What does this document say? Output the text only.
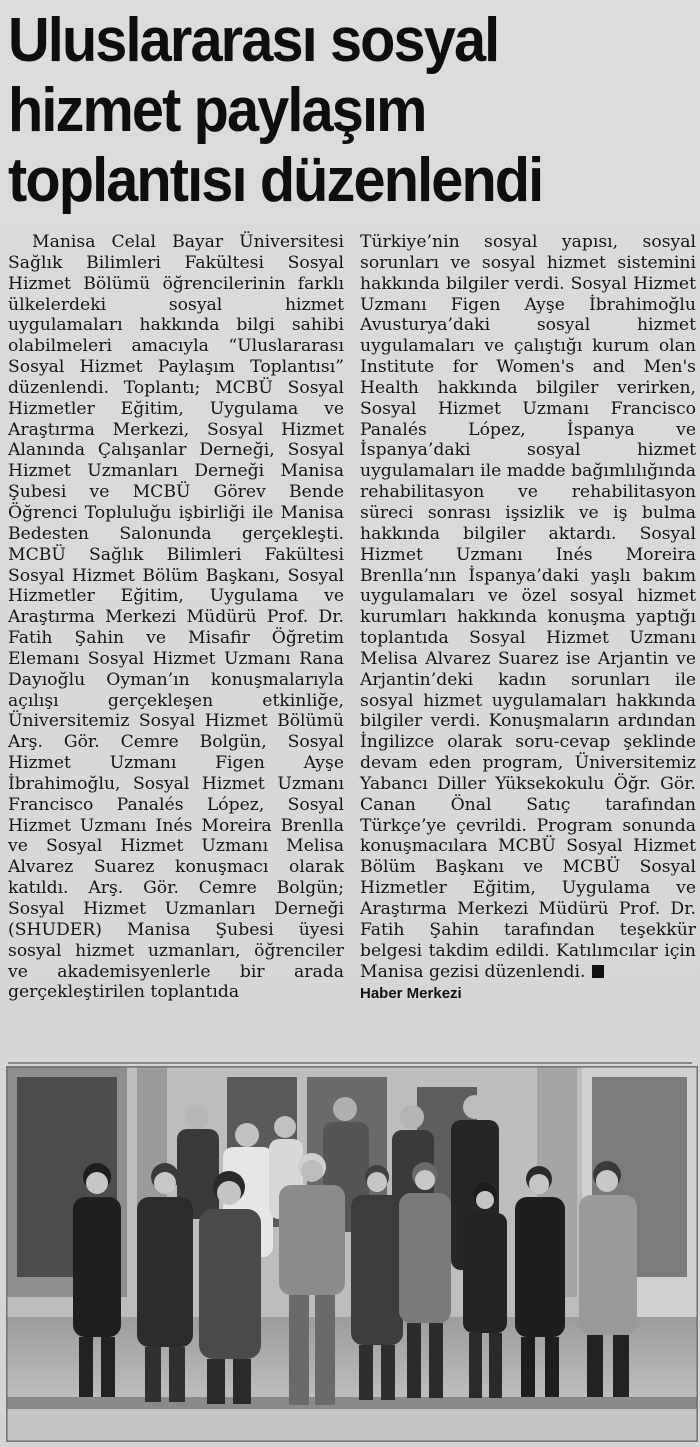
Uluslararası sosyal
hizmet paylaşım
toplantısı düzenlendi

Manisa Celal Bayar Üniversitesi Sağlık Bilimleri Fakültesi Sosyal Hizmet Bölümü öğrencilerinin farklı ülkelerdeki sosyal hizmet uygulamaları hakkında bilgi sahibi olabilmeleri amacıyla “Uluslararası Sosyal Hizmet Paylaşım Toplantısı” düzenlendi. Toplantı; MCBÜ Sosyal Hizmetler Eğitim, Uygulama ve Araştırma Merkezi, Sosyal Hizmet Alanında Çalışanlar Derneği, Sosyal Hizmet Uzmanları Derneği Manisa Şubesi ve MCBÜ Görev Bende Öğrenci Topluluğu işbirliği ile Manisa Bedesten Salonunda gerçekleşti. MCBÜ Sağlık Bilimleri Fakültesi Sosyal Hizmet Bölüm Başkanı, Sosyal Hizmetler Eğitim, Uygulama ve Araştırma Merkezi Müdürü Prof. Dr. Fatih Şahin ve Misafir Öğretim Elemanı Sosyal Hizmet Uzmanı Rana Dayıoğlu Oyman’ın konuşmalarıyla açılışı gerçekleşen etkinliğe, Üniversitemiz Sosyal Hizmet Bölümü Arş. Gör. Cemre Bolgün, Sosyal Hizmet Uzmanı Figen Ayşe İbrahimoğlu, Sosyal Hizmet Uzmanı Francisco Panalés López, Sosyal Hizmet Uzmanı Inés Moreira Brenlla ve Sosyal Hizmet Uzmanı Melisa Alvarez Suarez konuşmacı olarak katıldı. Arş. Gör. Cemre Bolgün; Sosyal Hizmet Uzmanları Derneği (SHUDER) Manisa Şubesi üyesi sosyal hizmet uzmanları, öğrenciler ve akademisyenlerle bir arada gerçekleştirilen toplantıda

Türkiye’nin sosyal yapısı, sosyal sorunları ve sosyal hizmet sistemini hakkında bilgiler verdi. Sosyal Hizmet Uzmanı Figen Ayşe İbrahimoğlu Avusturya’daki sosyal hizmet uygulamaları ve çalıştığı kurum olan Institute for Women's and Men's Health hakkında bilgiler verirken, Sosyal Hizmet Uzmanı Francisco Panalés López, İspanya ve İspanya’daki sosyal hizmet uygulamaları ile madde bağımlılığında rehabilitasyon ve rehabilitasyon süreci sonrası işsizlik ve iş bulma hakkında bilgiler aktardı. Sosyal Hizmet Uzmanı Inés Moreira Brenlla’nın İspanya’daki yaşlı bakım uygulamaları ve özel sosyal hizmet kurumları hakkında konuşma yaptığı toplantıda Sosyal Hizmet Uzmanı Melisa Alvarez Suarez ise Arjantin ve Arjantin’deki kadın sorunları ile sosyal hizmet uygulamaları hakkında bilgiler verdi. Konuşmaların ardından İngilizce olarak soru-cevap şeklinde devam eden program, Üniversitemiz Yabancı Diller Yüksekokulu Öğr. Gör. Canan Önal Satıç tarafından Türkçe’ye çevrildi. Program sonunda konuşmacılara MCBÜ Sosyal Hizmet Bölüm Başkanı ve MCBÜ Sosyal Hizmetler Eğitim, Uygulama ve Araştırma Merkezi Müdürü Prof. Dr. Fatih Şahin tarafından teşekkür belgesi takdim edildi. Katılımcılar için Manisa gezisi düzenlendi.

Haber Merkezi
